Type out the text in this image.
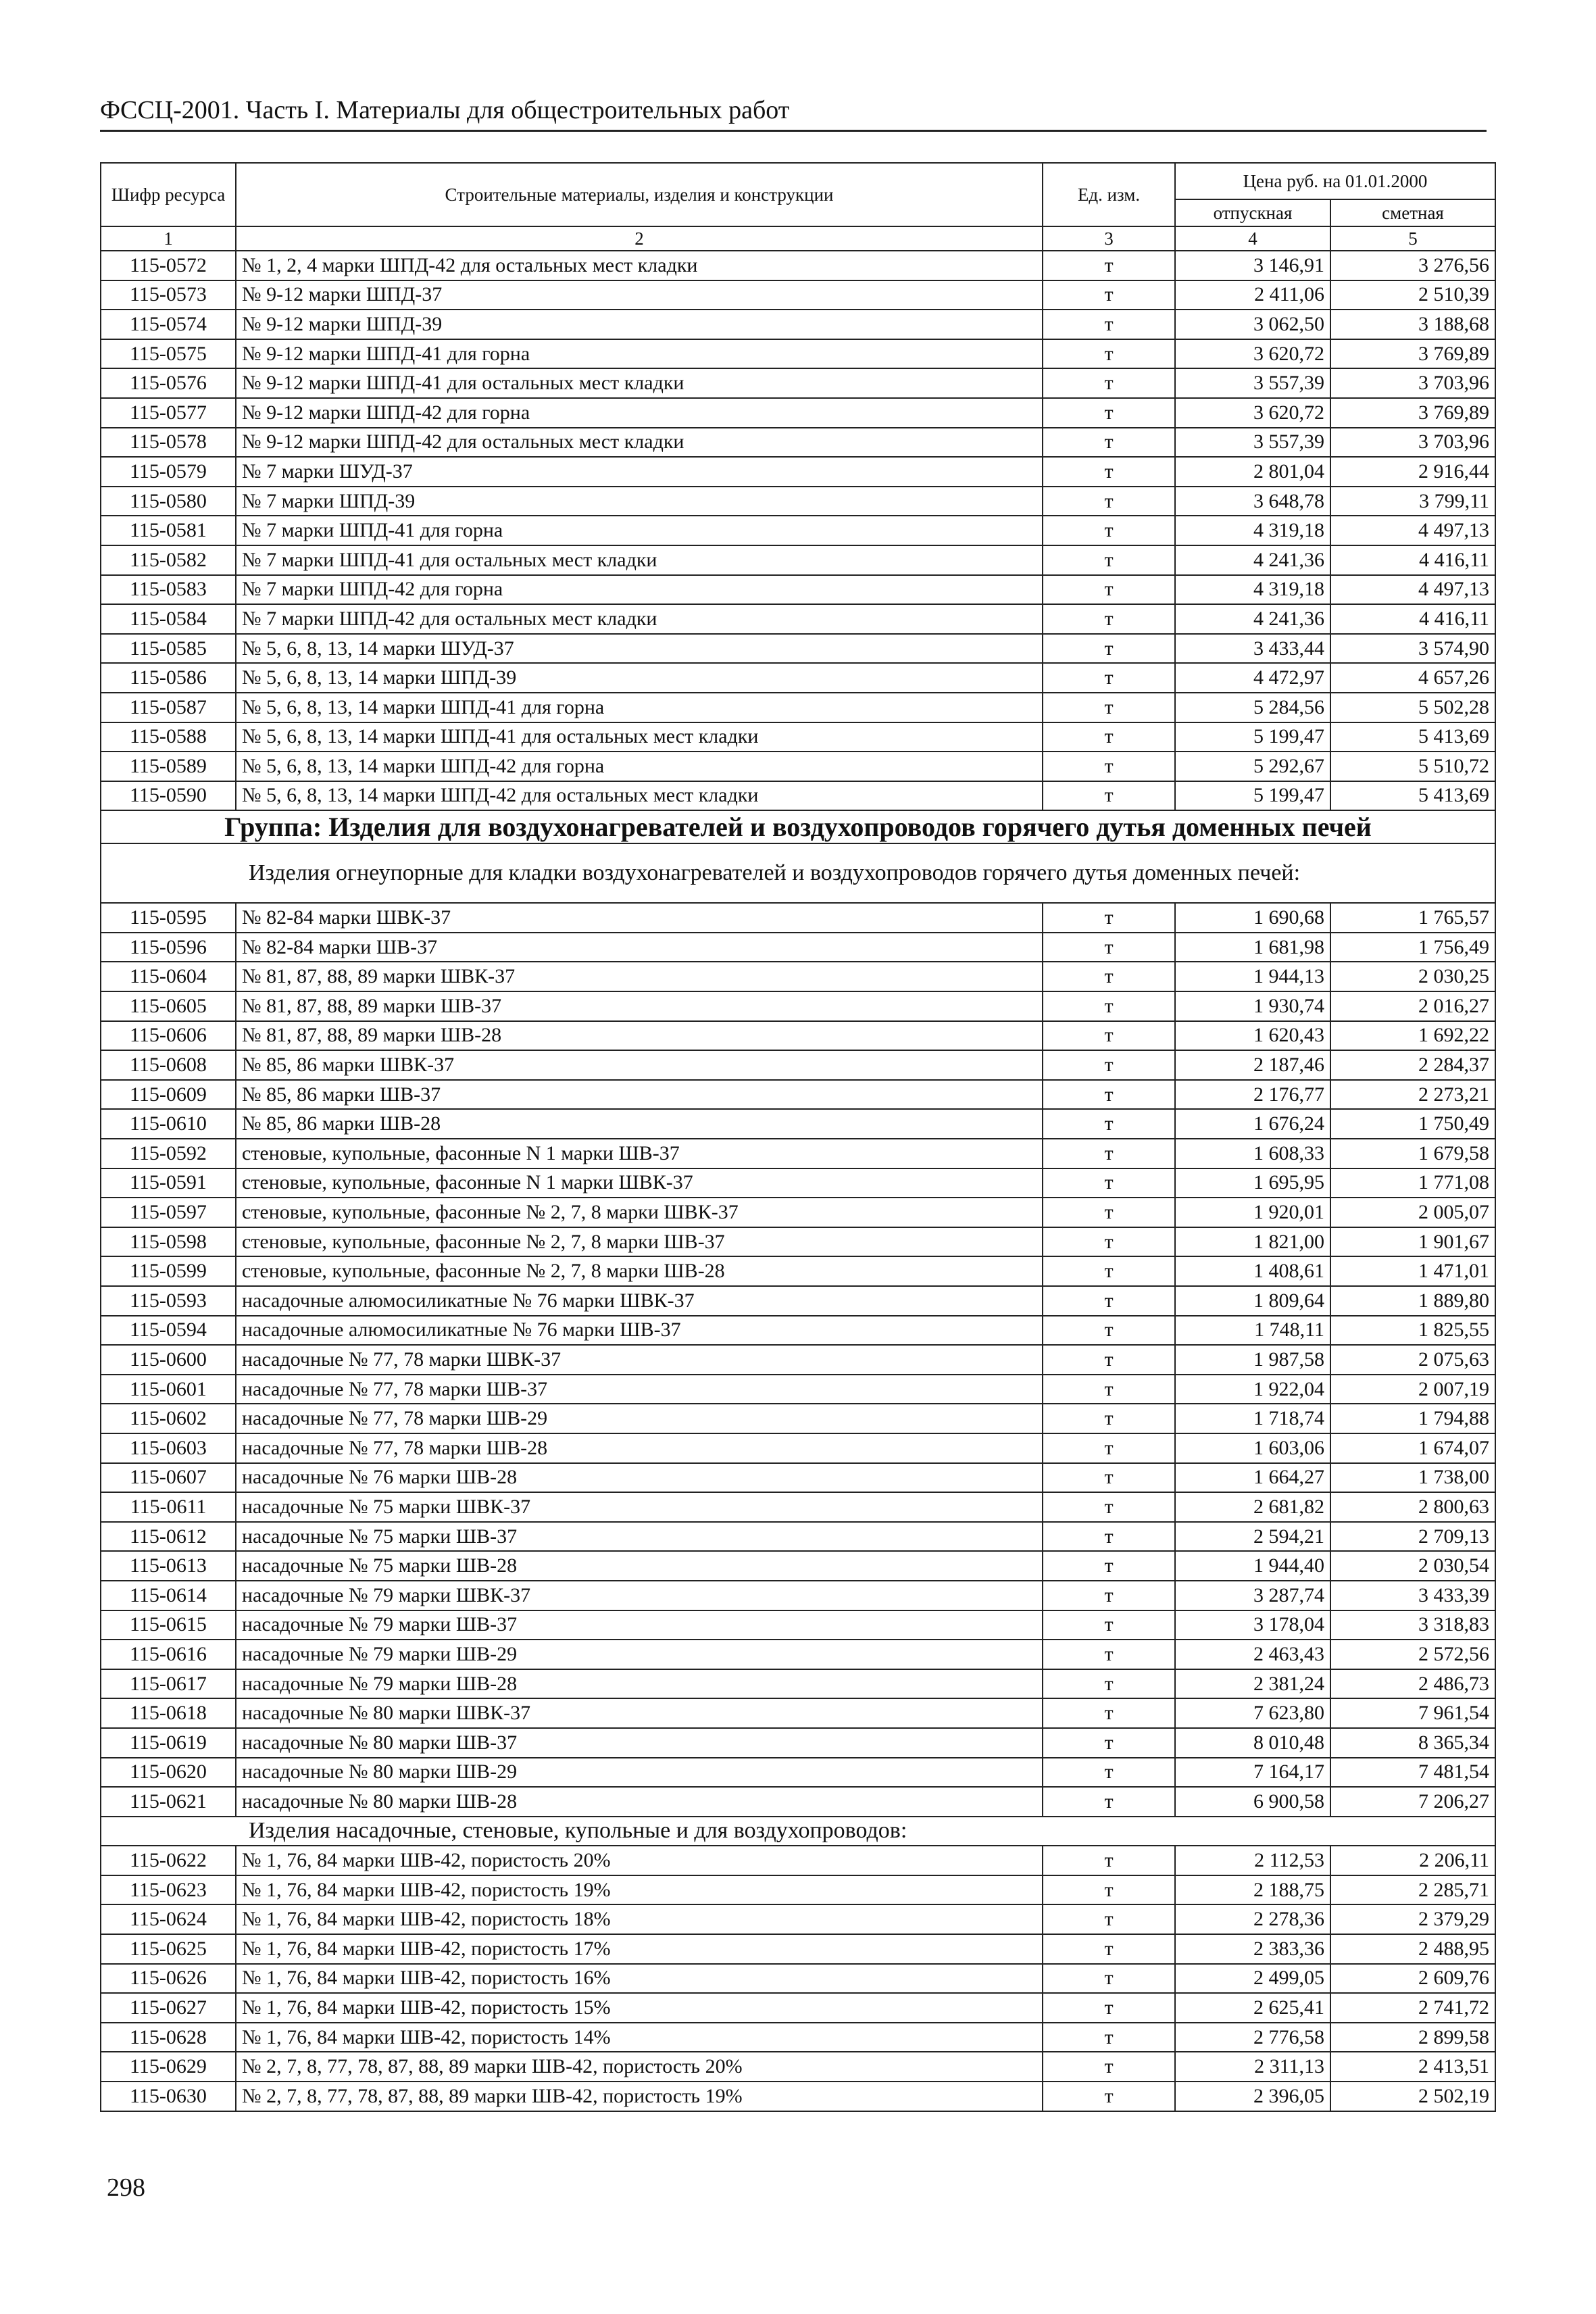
ФССЦ-2001. Часть I. Материалы для общестроительных работ
Шифр ресурса	Строительные материалы, изделия и конструкции	Ед. изм.	Цена руб. на 01.01.2000	
			отпускная	сметная
1	2	3	4	5
115-0572	№ 1, 2, 4 марки ШПД-42 для остальных мест кладки	т	3 146,91	3 276,56
115-0573	№ 9-12 марки ШПД-37	т	2 411,06	2 510,39
115-0574	№ 9-12 марки ШПД-39	т	3 062,50	3 188,68
115-0575	№ 9-12 марки ШПД-41 для горна	т	3 620,72	3 769,89
115-0576	№ 9-12 марки ШПД-41 для остальных мест кладки	т	3 557,39	3 703,96
115-0577	№ 9-12 марки ШПД-42 для горна	т	3 620,72	3 769,89
115-0578	№ 9-12 марки ШПД-42 для остальных мест кладки	т	3 557,39	3 703,96
115-0579	№ 7 марки ШУД-37	т	2 801,04	2 916,44
115-0580	№ 7 марки ШПД-39	т	3 648,78	3 799,11
115-0581	№ 7 марки ШПД-41 для горна	т	4 319,18	4 497,13
115-0582	№ 7 марки ШПД-41 для остальных мест кладки	т	4 241,36	4 416,11
115-0583	№ 7 марки ШПД-42 для горна	т	4 319,18	4 497,13
115-0584	№ 7 марки ШПД-42 для остальных мест кладки	т	4 241,36	4 416,11
115-0585	№ 5, 6, 8, 13, 14 марки ШУД-37	т	3 433,44	3 574,90
115-0586	№ 5, 6, 8, 13, 14 марки ШПД-39	т	4 472,97	4 657,26
115-0587	№ 5, 6, 8, 13, 14 марки ШПД-41 для горна	т	5 284,56	5 502,28
115-0588	№ 5, 6, 8, 13, 14 марки ШПД-41 для остальных мест кладки	т	5 199,47	5 413,69
115-0589	№ 5, 6, 8, 13, 14 марки ШПД-42 для горна	т	5 292,67	5 510,72
115-0590	№ 5, 6, 8, 13, 14 марки ШПД-42 для остальных мест кладки	т	5 199,47	5 413,69
Группа: Изделия для воздухонагревателей и воздухопроводов горячего дутья доменных печей				
Изделия огнеупорные для кладки воздухонагревателей и воздухопроводов горячего дутья доменных печей:				
115-0595	№ 82-84 марки ШВК-37	т	1 690,68	1 765,57
115-0596	№ 82-84 марки ШВ-37	т	1 681,98	1 756,49
115-0604	№ 81, 87, 88, 89 марки ШВК-37	т	1 944,13	2 030,25
115-0605	№ 81, 87, 88, 89 марки ШВ-37	т	1 930,74	2 016,27
115-0606	№ 81, 87, 88, 89 марки ШВ-28	т	1 620,43	1 692,22
115-0608	№ 85, 86 марки ШВК-37	т	2 187,46	2 284,37
115-0609	№ 85, 86 марки ШВ-37	т	2 176,77	2 273,21
115-0610	№ 85, 86 марки ШВ-28	т	1 676,24	1 750,49
115-0592	стеновые, купольные, фасонные N 1 марки ШВ-37	т	1 608,33	1 679,58
115-0591	стеновые, купольные, фасонные N 1 марки ШВК-37	т	1 695,95	1 771,08
115-0597	стеновые, купольные, фасонные № 2, 7, 8 марки ШВК-37	т	1 920,01	2 005,07
115-0598	стеновые, купольные, фасонные № 2, 7, 8 марки ШВ-37	т	1 821,00	1 901,67
115-0599	стеновые, купольные, фасонные № 2, 7, 8 марки ШВ-28	т	1 408,61	1 471,01
115-0593	насадочные алюмосиликатные № 76 марки ШВК-37	т	1 809,64	1 889,80
115-0594	насадочные алюмосиликатные № 76 марки ШВ-37	т	1 748,11	1 825,55
115-0600	насадочные № 77, 78 марки ШВК-37	т	1 987,58	2 075,63
115-0601	насадочные № 77, 78 марки ШВ-37	т	1 922,04	2 007,19
115-0602	насадочные № 77, 78 марки ШВ-29	т	1 718,74	1 794,88
115-0603	насадочные № 77, 78 марки ШВ-28	т	1 603,06	1 674,07
115-0607	насадочные № 76 марки ШВ-28	т	1 664,27	1 738,00
115-0611	насадочные № 75 марки ШВК-37	т	2 681,82	2 800,63
115-0612	насадочные № 75 марки ШВ-37	т	2 594,21	2 709,13
115-0613	насадочные № 75 марки ШВ-28	т	1 944,40	2 030,54
115-0614	насадочные № 79 марки ШВК-37	т	3 287,74	3 433,39
115-0615	насадочные № 79 марки ШВ-37	т	3 178,04	3 318,83
115-0616	насадочные № 79 марки ШВ-29	т	2 463,43	2 572,56
115-0617	насадочные № 79 марки ШВ-28	т	2 381,24	2 486,73
115-0618	насадочные № 80 марки ШВК-37	т	7 623,80	7 961,54
115-0619	насадочные № 80 марки ШВ-37	т	8 010,48	8 365,34
115-0620	насадочные № 80 марки ШВ-29	т	7 164,17	7 481,54
115-0621	насадочные № 80 марки ШВ-28	т	6 900,58	7 206,27
Изделия насадочные, стеновые, купольные и для воздухопроводов:				
115-0622	№ 1, 76, 84 марки ШВ-42, пористость 20%	т	2 112,53	2 206,11
115-0623	№ 1, 76, 84 марки ШВ-42, пористость 19%	т	2 188,75	2 285,71
115-0624	№ 1, 76, 84 марки ШВ-42, пористость 18%	т	2 278,36	2 379,29
115-0625	№ 1, 76, 84 марки ШВ-42, пористость 17%	т	2 383,36	2 488,95
115-0626	№ 1, 76, 84 марки ШВ-42, пористость 16%	т	2 499,05	2 609,76
115-0627	№ 1, 76, 84 марки ШВ-42, пористость 15%	т	2 625,41	2 741,72
115-0628	№ 1, 76, 84 марки ШВ-42, пористость 14%	т	2 776,58	2 899,58
115-0629	№ 2, 7, 8, 77, 78, 87, 88, 89 марки ШВ-42, пористость 20%	т	2 311,13	2 413,51
115-0630	№ 2, 7, 8, 77, 78, 87, 88, 89 марки ШВ-42, пористость 19%	т	2 396,05	2 502,19
298
